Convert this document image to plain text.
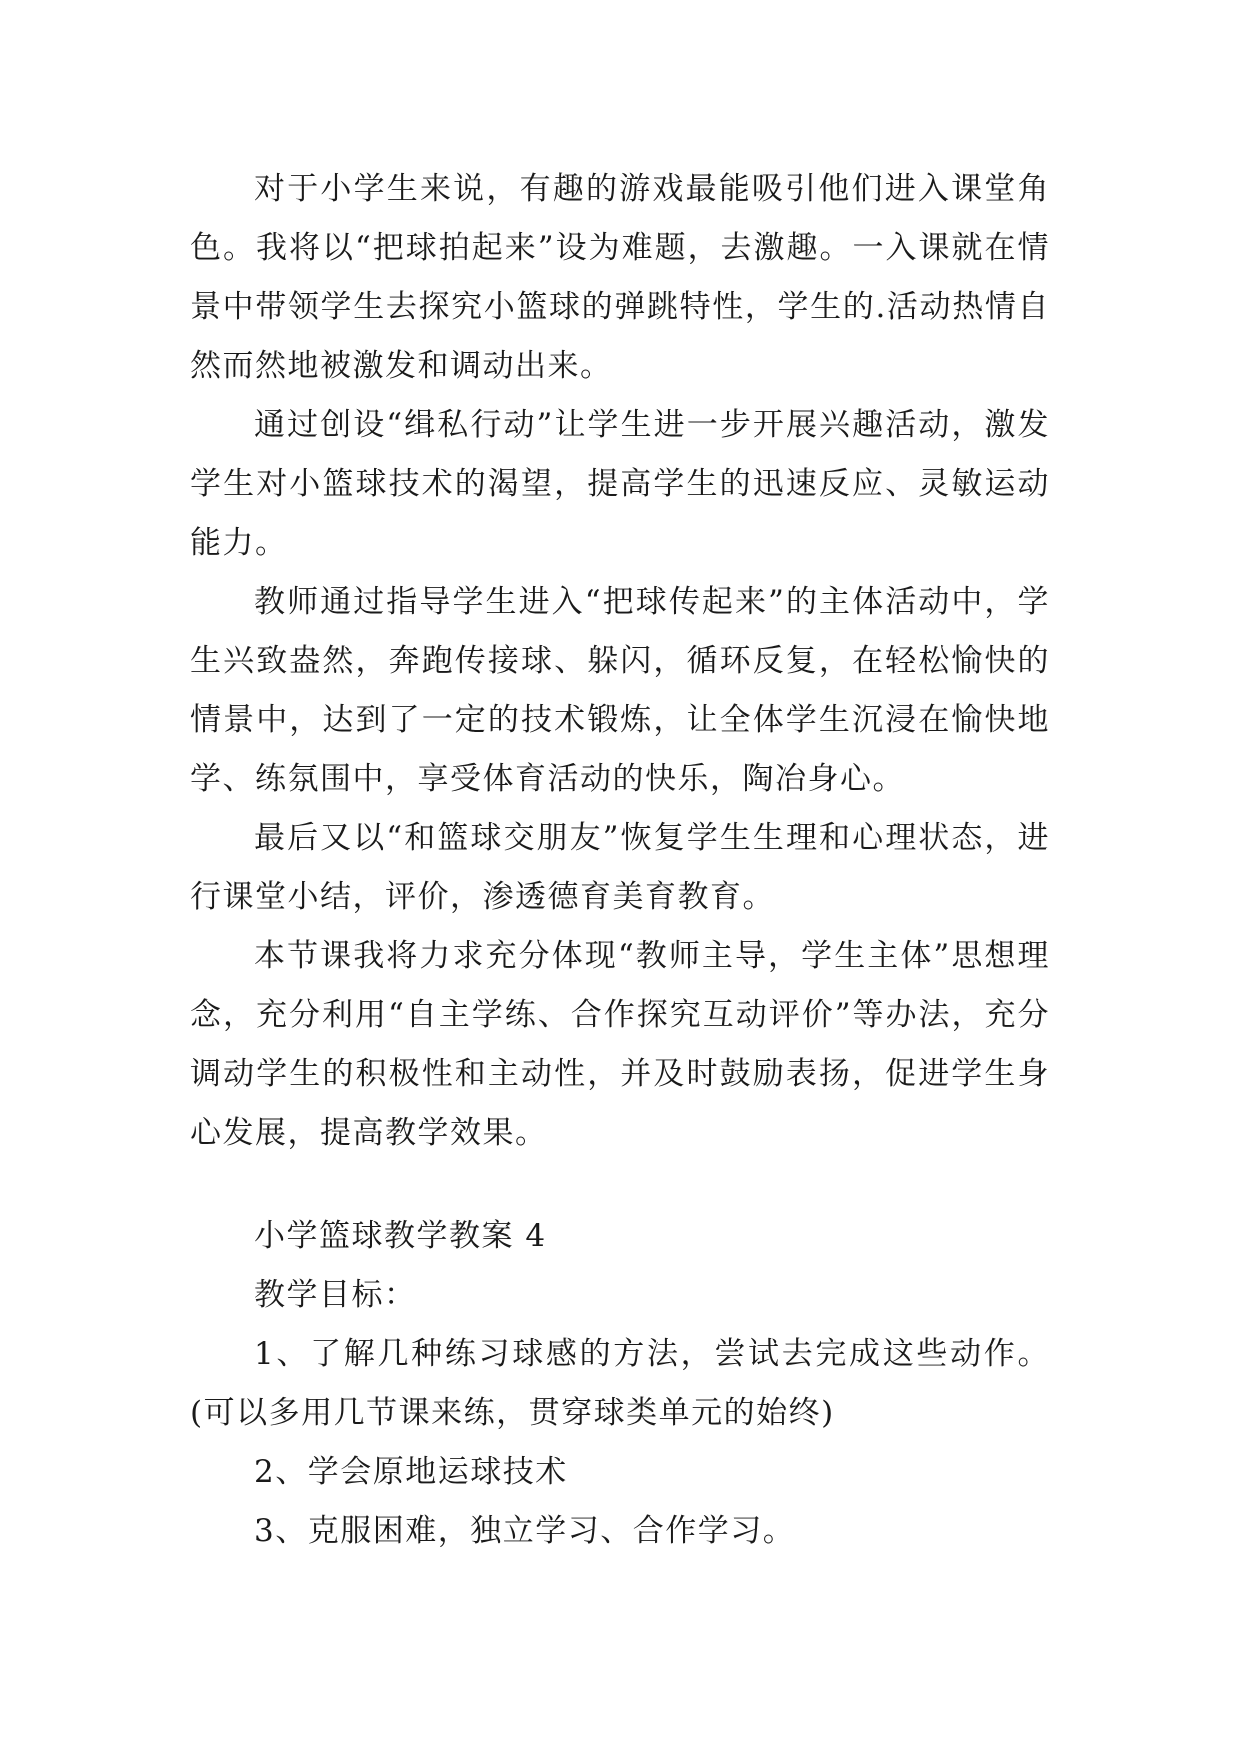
对于小学生来说，有趣的游戏最能吸引他们进入课堂角色。我将以“把球拍起来”设为难题，去激趣。一入课就在情景中带领学生去探究小篮球的弹跳特性，学生的.活动热情自然而然地被激发和调动出来。

通过创设“缉私行动”让学生进一步开展兴趣活动，激发学生对小篮球技术的渴望，提高学生的迅速反应、灵敏运动能力。

教师通过指导学生进入“把球传起来”的主体活动中，学生兴致盎然，奔跑传接球、躲闪，循环反复，在轻松愉快的情景中，达到了一定的技术锻炼，让全体学生沉浸在愉快地学、练氛围中，享受体育活动的快乐，陶冶身心。

最后又以“和篮球交朋友”恢复学生生理和心理状态，进行课堂小结，评价，渗透德育美育教育。

本节课我将力求充分体现“教师主导，学生主体”思想理念，充分利用“自主学练、合作探究互动评价”等办法，充分调动学生的积极性和主动性，并及时鼓励表扬，促进学生身心发展，提高教学效果。

小学篮球教学教案 4

教学目标：

1、了解几种练习球感的方法，尝试去完成这些动作。(可以多用几节课来练，贯穿球类单元的始终)

2、学会原地运球技术

3、克服困难，独立学习、合作学习。
